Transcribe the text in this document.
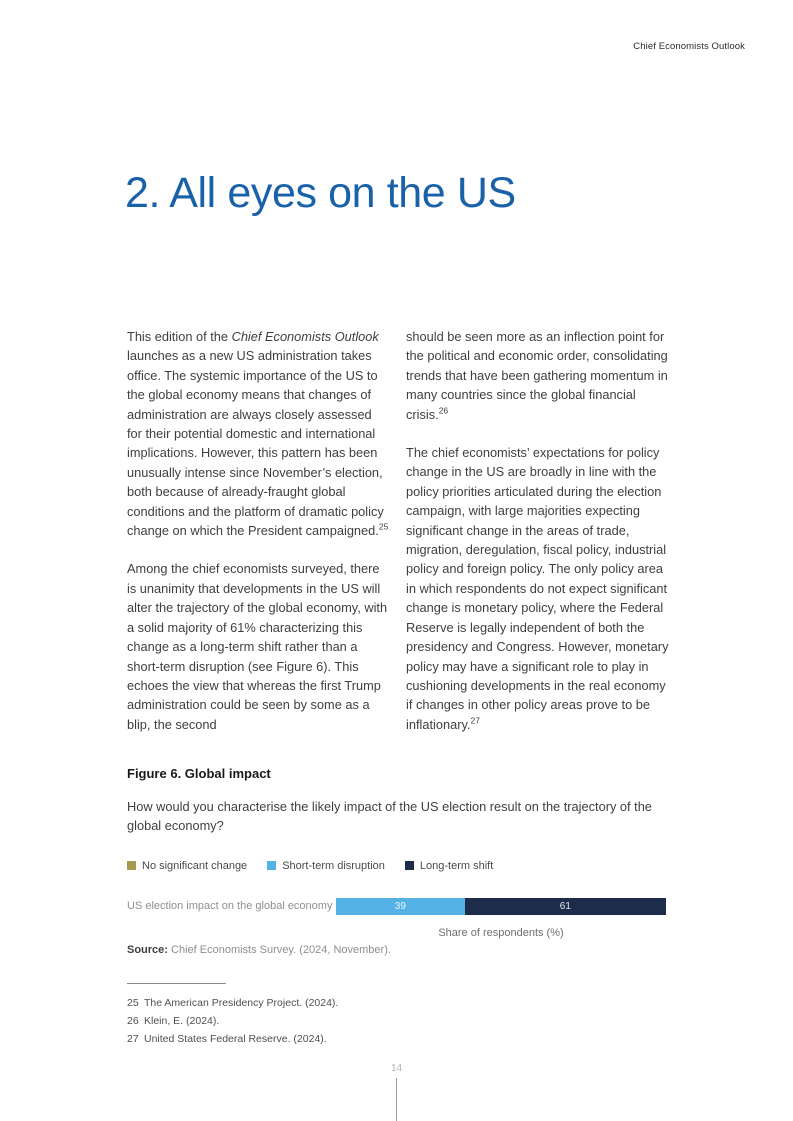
Chief Economists Outlook
2. All eyes on the US

This edition of the Chief Economists Outlook launches as a new US administration takes office. The systemic importance of the US to the global economy means that changes of administration are always closely assessed for their potential domestic and international implications. However, this pattern has been unusually intense since November’s election, both because of already-fraught global conditions and the platform of dramatic policy change on which the President campaigned.$^{25}$

Among the chief economists surveyed, there is unanimity that developments in the US will alter the trajectory of the global economy, with a solid majority of 61% characterizing this change as a long-term shift rather than a short-term disruption (see Figure 6). This echoes the view that whereas the first Trump administration could be seen by some as a blip, the second

should be seen more as an inflection point for the political and economic order, consolidating trends that have been gathering momentum in many countries since the global financial crisis.$^{26}$

The chief economists’ expectations for policy change in the US are broadly in line with the policy priorities articulated during the election campaign, with large majorities expecting significant change in the areas of trade, migration, deregulation, fiscal policy, industrial policy and foreign policy. The only policy area in which respondents do not expect significant change is monetary policy, where the Federal Reserve is legally independent of both the presidency and Congress. However, monetary policy may have a significant role to play in cushioning developments in the real economy if changes in other policy areas prove to be inflationary.$^{27}$

Figure 6. Global impact

How would you characterise the likely impact of the US election result on the trajectory of the global economy?

No significant change	Short-term disruption	Long-term shift
US election impact on the global economy	39	61
Share of respondents (%)
Source: Chief Economists Survey. (2024, November).
25 The American Presidency Project. (2024).
26 Klein, E. (2024).
27 United States Federal Reserve. (2024).
14
